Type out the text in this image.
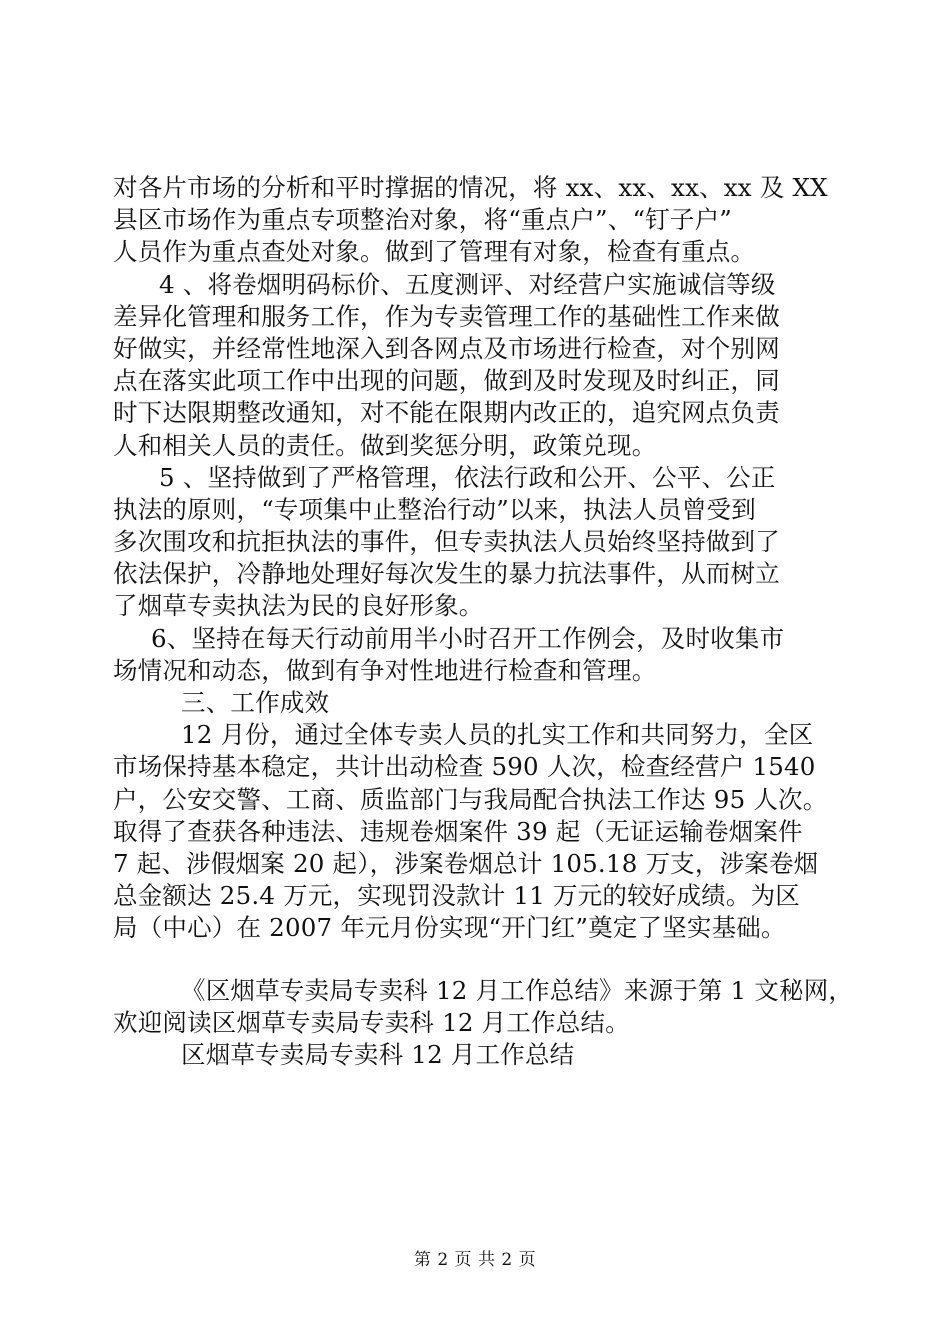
对各片市场的分析和平时撑据的情况，将 xx、xx、xx、xx 及 XX
县区市场作为重点专项整治对象，将“重点户”、“钉子户”
人员作为重点查处对象。做到了管理有对象，检查有重点。
4 、将卷烟明码标价、五度测评、对经营户实施诚信等级
差异化管理和服务工作，作为专卖管理工作的基础性工作来做
好做实，并经常性地深入到各网点及市场进行检查，对个别网
点在落实此项工作中出现的问题，做到及时发现及时纠正，同
时下达限期整改通知，对不能在限期内改正的，追究网点负责
人和相关人员的责任。做到奖惩分明，政策兑现。
5 、坚持做到了严格管理，依法行政和公开、公平、公正
执法的原则，“专项集中止整治行动”以来，执法人员曾受到
多次围攻和抗拒执法的事件，但专卖执法人员始终坚持做到了
依法保护，冷静地处理好每次发生的暴力抗法事件，从而树立
了烟草专卖执法为民的良好形象。
6、坚持在每天行动前用半小时召开工作例会，及时收集市
场情况和动态，做到有争对性地进行检查和管理。
三、工作成效
12 月份，通过全体专卖人员的扎实工作和共同努力，全区
市场保持基本稳定，共计出动检查 590 人次，检查经营户 1540
户，公安交警、工商、质监部门与我局配合执法工作达 95 人次。
取得了查获各种违法、违规卷烟案件 39 起（无证运输卷烟案件
7 起、涉假烟案 20 起），涉案卷烟总计 105.18 万支，涉案卷烟
总金额达 25.4 万元，实现罚没款计 11 万元的较好成绩。为区
局（中心）在 2007 年元月份实现“开门红”奠定了坚实基础。
《区烟草专卖局专卖科 12 月工作总结》来源于第 1 文秘网，
欢迎阅读区烟草专卖局专卖科 12 月工作总结。
区烟草专卖局专卖科 12 月工作总结
第 2 页 共 2 页
